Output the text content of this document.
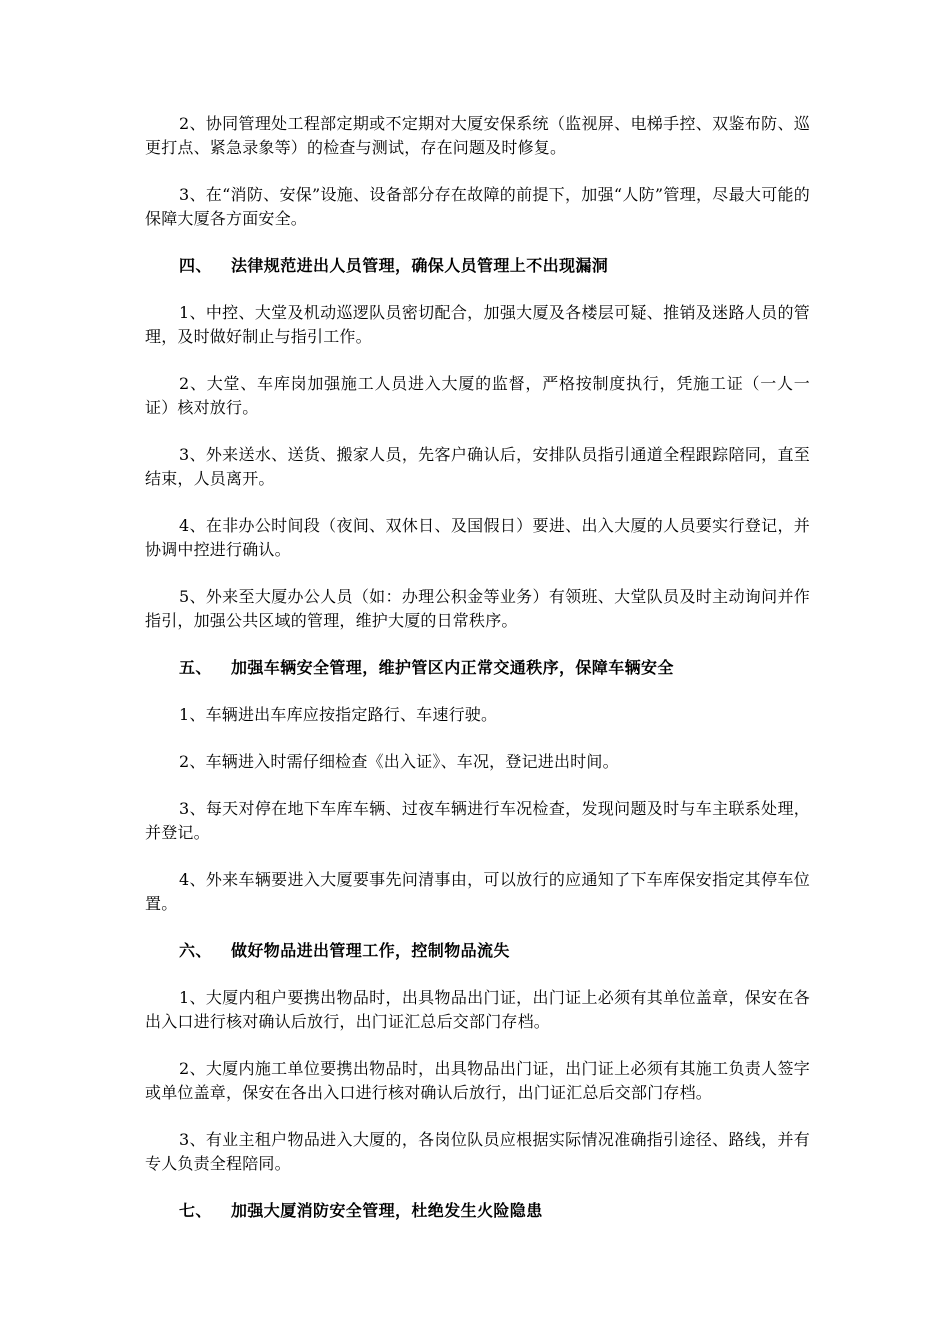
2、协同管理处工程部定期或不定期对大厦安保系统（监视屏、电梯手控、双鉴布防、巡更打点、紧急录象等）的检查与测试，存在问题及时修复。

3、在“消防、安保”设施、设备部分存在故障的前提下，加强“人防”管理，尽最大可能的保障大厦各方面安全。

四、 法律规范进出人员管理，确保人员管理上不出现漏洞

1、中控、大堂及机动巡逻队员密切配合，加强大厦及各楼层可疑、推销及迷路人员的管理，及时做好制止与指引工作。

2、大堂、车库岗加强施工人员进入大厦的监督，严格按制度执行，凭施工证（一人一证）核对放行。

3、外来送水、送货、搬家人员，先客户确认后，安排队员指引通道全程跟踪陪同，直至结束，人员离开。

4、在非办公时间段（夜间、双休日、及国假日）要进、出入大厦的人员要实行登记，并协调中控进行确认。

5、外来至大厦办公人员（如：办理公积金等业务）有领班、大堂队员及时主动询问并作指引，加强公共区域的管理，维护大厦的日常秩序。

五、 加强车辆安全管理，维护管区内正常交通秩序，保障车辆安全

1、车辆进出车库应按指定路行、车速行驶。

2、车辆进入时需仔细检查《出入证》、车况，登记进出时间。

3、每天对停在地下车库车辆、过夜车辆进行车况检查，发现问题及时与车主联系处理，并登记。

4、外来车辆要进入大厦要事先问清事由，可以放行的应通知了下车库保安指定其停车位置。

六、 做好物品进出管理工作，控制物品流失

1、大厦内租户要携出物品时，出具物品出门证，出门证上必须有其单位盖章，保安在各出入口进行核对确认后放行，出门证汇总后交部门存档。

2、大厦内施工单位要携出物品时，出具物品出门证，出门证上必须有其施工负责人签字或单位盖章，保安在各出入口进行核对确认后放行，出门证汇总后交部门存档。

3、有业主租户物品进入大厦的，各岗位队员应根据实际情况准确指引途径、路线，并有专人负责全程陪同。

七、 加强大厦消防安全管理，杜绝发生火险隐患
